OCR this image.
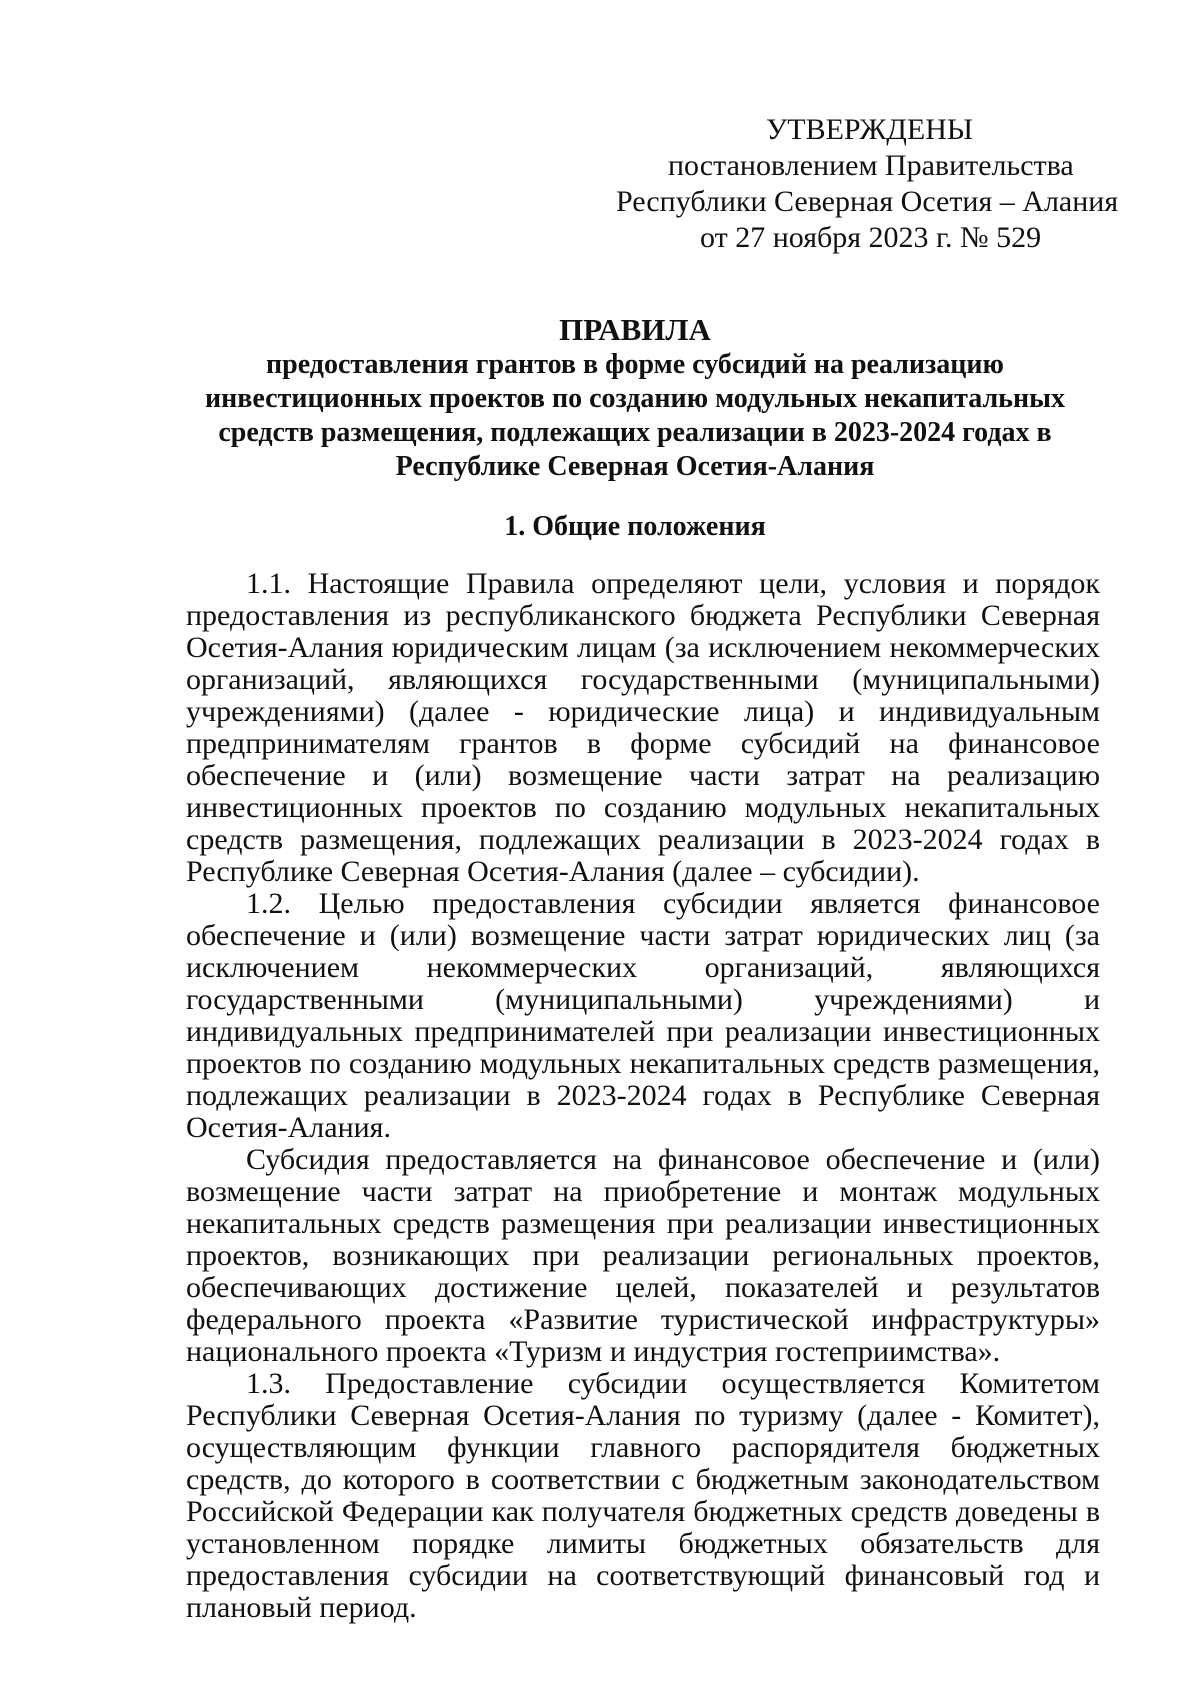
УТВЕРЖДЕНЫ
постановлением Правительства
Республики Северная Осетия – Алания
от 27 ноября 2023 г. № 529
ПРАВИЛА
предоставления грантов в форме субсидий на реализацию
инвестиционных проектов по созданию модульных некапитальных
средств размещения, подлежащих реализации в 2023-2024 годах в
Республике Северная Осетия-Алания
1. Общие положения

1.1. Настоящие Правила определяют цели, условия и порядок предоставления из республиканского бюджета Республики Северная Осетия-Алания юридическим лицам (за исключением некоммерческих организаций, являющихся государственными (муниципальными) учреждениями) (далее - юридические лица) и индивидуальным предпринимателям грантов в форме субсидий на финансовое обеспечение и (или) возмещение части затрат на реализацию инвестиционных проектов по созданию модульных некапитальных средств размещения, подлежащих реализации в 2023-2024 годах в Республике Северная Осетия-Алания (далее – субсидии).

1.2. Целью предоставления субсидии является финансовое обеспечение и (или) возмещение части затрат юридических лиц (за исключением некоммерческих организаций, являющихся государственными (муниципальными) учреждениями) и индивидуальных предпринимателей при реализации инвестиционных проектов по созданию модульных некапитальных средств размещения, подлежащих реализации в 2023-2024 годах в Республике Северная Осетия-Алания.

Субсидия предоставляется на финансовое обеспечение и (или) возмещение части затрат на приобретение и монтаж модульных некапитальных средств размещения при реализации инвестиционных проектов, возникающих при реализации региональных проектов, обеспечивающих достижение целей, показателей и результатов федерального проекта «Развитие туристической инфраструктуры» национального проекта «Туризм и индустрия гостеприимства».

1.3. Предоставление субсидии осуществляется Комитетом Республики Северная Осетия-Алания по туризму (далее - Комитет), осуществляющим функции главного распорядителя бюджетных средств, до которого в соответствии с бюджетным законодательством Российской Федерации как получателя бюджетных средств доведены в установленном порядке лимиты бюджетных обязательств для предоставления субсидии на соответствующий финансовый год и плановый период.
